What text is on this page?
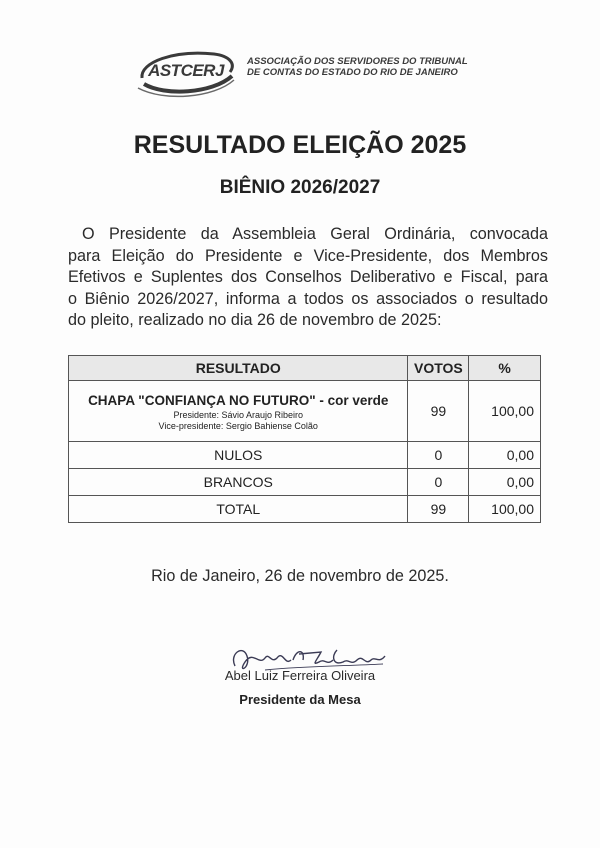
ASTCERJ	ASSOCIAÇÃO DOS SERVIDORES DO TRIBUNAL
DE CONTAS DO ESTADO DO RIO DE JANEIRO
RESULTADO ELEIÇÃO 2025
BIÊNIO 2026/2027
O Presidente da Assembleia Geral Ordinária, convocada
para Eleição do Presidente e Vice-Presidente, dos Membros
Efetivos e Suplentes dos Conselhos Deliberativo e Fiscal, para
o Biênio 2026/2027, informa a todos os associados o resultado
do pleito, realizado no dia 26 de novembro de 2025:
RESULTADO	VOTOS	%

CHAPA "CONFIANÇA NO FUTURO" - cor verde
Presidente: Sávio Araujo Ribeiro
Vice-presidente: Sergio Bahiense Colão	99	100,00
NULOS	0	0,00
BRANCOS	0	0,00
TOTAL	99	100,00
Rio de Janeiro, 26 de novembro de 2025.
Abel Luiz Ferreira Oliveira
Presidente da Mesa
